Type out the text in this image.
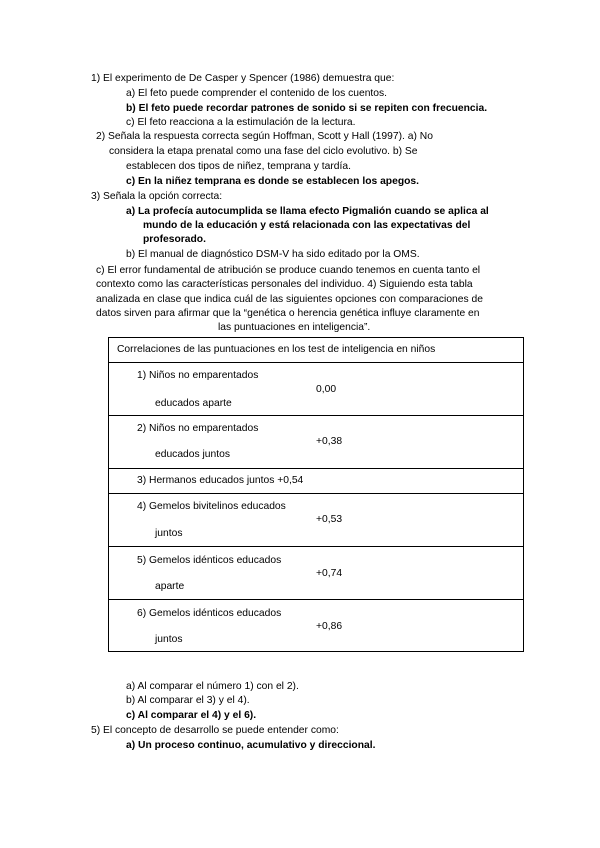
1) El experimento de De Casper y Spencer (1986) demuestra que:
a) El feto puede comprender el contenido de los cuentos.
b) El feto puede recordar patrones de sonido si se repiten con frecuencia.
c) El feto reacciona a la estimulación de la lectura.
2) Señala la respuesta correcta según Hoffman, Scott y Hall (1997). a) No
considera la etapa prenatal como una fase del ciclo evolutivo. b) Se
establecen dos tipos de niñez, temprana y tardía.
c) En la niñez temprana es donde se establecen los apegos.
3) Señala la opción correcta:
a) La profecía autocumplida se llama efecto Pigmalión cuando se aplica al
mundo de la educación y está relacionada con las expectativas del
profesorado.
b) El manual de diagnóstico DSM-V ha sido editado por la OMS.
c) El error fundamental de atribución se produce cuando tenemos en cuenta tanto el
contexto como las características personales del individuo. 4) Siguiendo esta tabla
analizada en clase que indica cuál de las siguientes opciones con comparaciones de
datos sirven para afirmar que la “genética o herencia genética influye claramente en
las puntuaciones en inteligencia”.
Correlaciones de las puntuaciones en los test de inteligencia en niños

1) Niños no emparentados
educados aparte
0,00

2) Niños no emparentados
educados juntos
+0,38

3) Hermanos educados juntos +0,54

4) Gemelos bivitelinos educados
juntos
+0,53

5) Gemelos idénticos educados
aparte
+0,74

6) Gemelos idénticos educados
juntos
+0,86
a) Al comparar el número 1) con el 2).
b) Al comparar el 3) y el 4).
c) Al comparar el 4) y el 6).
5) El concepto de desarrollo se puede entender como:
a) Un proceso continuo, acumulativo y direccional.
